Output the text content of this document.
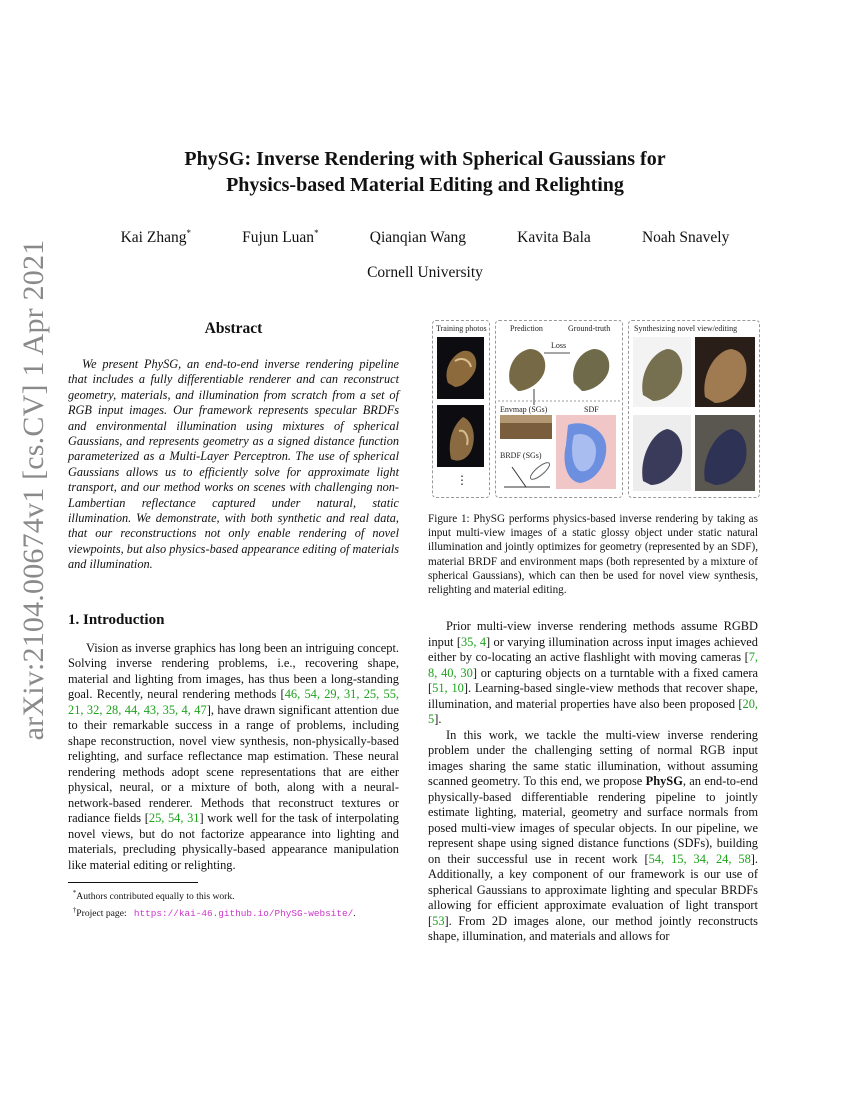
arXiv:2104.00674v1 [cs.CV] 1 Apr 2021
PhySG: Inverse Rendering with Spherical Gaussians for
Physics-based Material Editing and Relighting
Kai Zhang*	Fujun Luan*	Qianqian Wang	Kavita Bala	Noah Snavely
Cornell University
Abstract

We present PhySG, an end-to-end inverse rendering pipeline that includes a fully differentiable renderer and can reconstruct geometry, materials, and illumination from scratch from a set of RGB input images. Our framework represents specular BRDFs and environmental illumination using mixtures of spherical Gaussians, and represents geometry as a signed distance function parameterized as a Multi-Layer Perceptron. The use of spherical Gaussians allows us to efficiently solve for approximate light transport, and our method works on scenes with challenging non-Lambertian reflectance captured under natural, static illumination. We demonstrate, with both synthetic and real data, that our reconstructions not only enable rendering of novel viewpoints, but also physics-based appearance editing of materials and illumination.

1. Introduction

Vision as inverse graphics has long been an intriguing concept. Solving inverse rendering problems, i.e., recovering shape, material and lighting from images, has thus been a long-standing goal. Recently, neural rendering methods [46, 54, 29, 31, 25, 55, 21, 32, 28, 44, 43, 35, 4, 47], have drawn significant attention due to their remarkable success in a range of problems, including shape reconstruction, novel view synthesis, non-physically-based relighting, and surface reflectance map estimation. These neural rendering methods adopt scene representations that are either physical, neural, or a mixture of both, along with a neural-network-based renderer. Methods that reconstruct textures or radiance fields [25, 54, 31] work well for the task of interpolating novel views, but do not factorize appearance into lighting and materials, precluding physically-based appearance manipulation like material editing or relighting.

*Authors contributed equally to this work.

†Project page: https://kai-46.github.io/PhySG-website/.

Training photos
⋮
Prediction	Ground-truth
Loss
Envmap (SGs)	SDF
BRDF (SGs)
Synthesizing novel view/editing

Figure 1: PhySG performs physics-based inverse rendering by taking as input multi-view images of a static glossy object under static natural illumination and jointly optimizes for geometry (represented by an SDF), material BRDF and environment maps (both represented by a mixture of spherical Gaussians), which can then be used for novel view synthesis, relighting and material editing.

Prior multi-view inverse rendering methods assume RGBD input [35, 4] or varying illumination across input images achieved either by co-locating an active flashlight with moving cameras [7, 8, 40, 30] or capturing objects on a turntable with a fixed camera [51, 10]. Learning-based single-view methods that recover shape, illumination, and material properties have also been proposed [20, 5].

In this work, we tackle the multi-view inverse rendering problem under the challenging setting of normal RGB input images sharing the same static illumination, without assuming scanned geometry. To this end, we propose PhySG, an end-to-end physically-based differentiable rendering pipeline to jointly estimate lighting, material, geometry and surface normals from posed multi-view images of specular objects. In our pipeline, we represent shape using signed distance functions (SDFs), building on their successful use in recent work [54, 15, 34, 24, 58]. Additionally, a key component of our framework is our use of spherical Gaussians to approximate lighting and specular BRDFs allowing for efficient approximate evaluation of light transport [53]. From 2D images alone, our method jointly reconstructs shape, illumination, and materials and allows for
